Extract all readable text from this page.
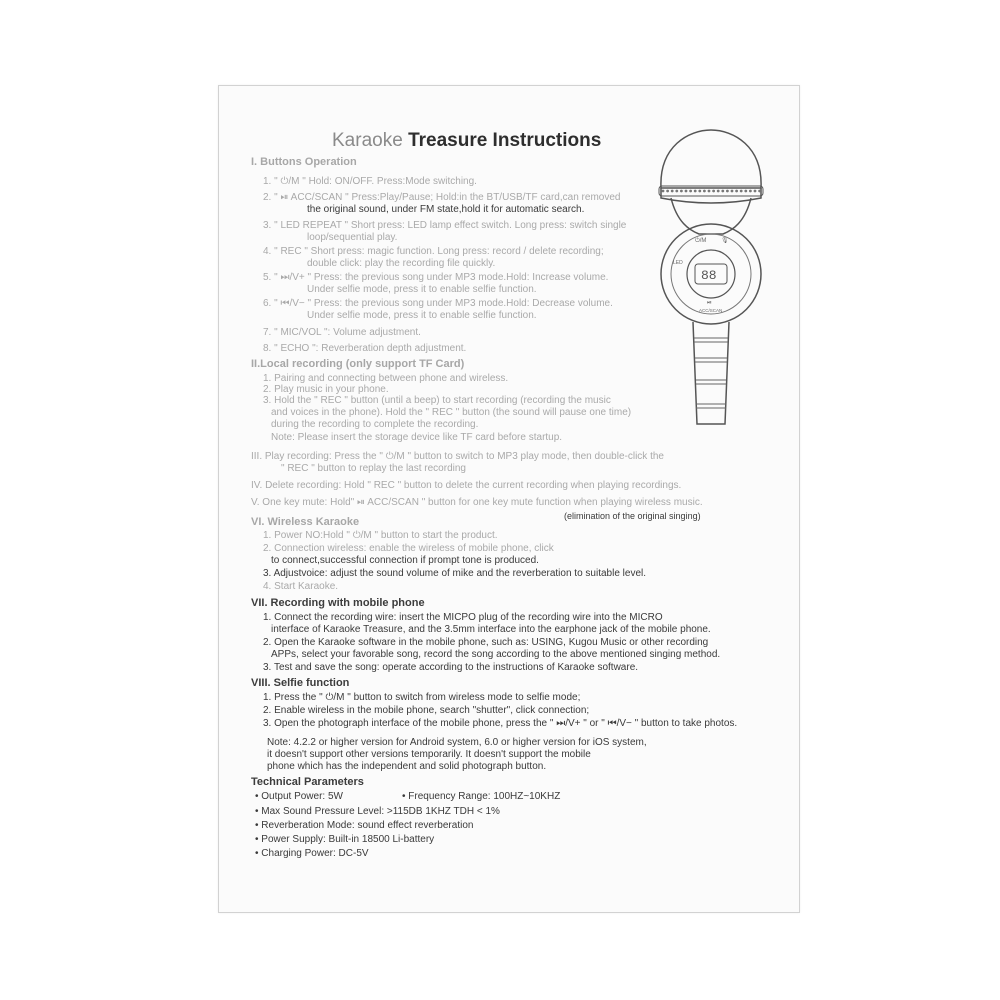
Karaoke Treasure Instructions
I. Buttons Operation
1. " ⏻/M " Hold: ON/OFF. Press:Mode switching.
2. " ⏯ ACC/SCAN " Press:Play/Pause; Hold:in the BT/USB/TF card,can removed
the original sound, under FM state,hold it for automatic search.
3. " LED REPEAT " Short press: LED lamp effect switch. Long press: switch single
loop/sequential play.
4. " REC " Short press: magic function. Long press: record / delete recording;
double click: play the recording file quickly.
5. " ⏭/V+ " Press: the previous song under MP3 mode.Hold: Increase volume.
Under selfie mode, press it to enable selfie function.
6. " ⏮/V− " Press: the previous song under MP3 mode.Hold: Decrease volume.
Under selfie mode, press it to enable selfie function.
7. " MIC/VOL ": Volume adjustment.
8. " ECHO ": Reverberation depth adjustment.
II.Local recording (only support TF Card)
1. Pairing and connecting between phone and wireless.
2. Play music in your phone.
3. Hold the " REC " button (until a beep) to start recording (recording the music
and voices in the phone). Hold the " REC " button (the sound will pause one time)
during the recording to complete the recording.
Note: Please insert the storage device like TF card before startup.
III. Play recording: Press the " ⏻/M " button to switch to MP3 play mode, then double-click the
" REC " button to replay the last recording
IV. Delete recording: Hold " REC " button to delete the current recording when playing recordings.
V. One key mute: Hold" ⏯ ACC/SCAN " button for one key mute function when playing wireless music.
(elimination of the original singing)
VI. Wireless Karaoke
1. Power NO:Hold " ⏻/M " button to start the product.
2. Connection wireless: enable the wireless of mobile phone, click
to connect,successful connection if prompt tone is produced.
3. Adjustvoice: adjust the sound volume of mike and the reverberation to suitable level.
4. Start Karaoke.
VII. Recording with mobile phone
1. Connect the recording wire: insert the MICPO plug of the recording wire into the MICRO
interface of Karaoke Treasure, and the 3.5mm interface into the earphone jack of the mobile phone.
2. Open the Karaoke software in the mobile phone, such as: USING, Kugou Music or other recording
APPs, select your favorable song, record the song according to the above mentioned singing method.
3. Test and save the song: operate according to the instructions of Karaoke software.
VIII. Selfie function
1. Press the " ⏻/M " button to switch from wireless mode to selfie mode;
2. Enable wireless in the mobile phone, search "shutter", click connection;
3. Open the photograph interface of the mobile phone, press the " ⏭/V+ " or " ⏮/V− " button to take photos.
Note: 4.2.2 or higher version for Android system, 6.0 or higher version for iOS system,
it doesn't support other versions temporarily. It doesn't support the mobile
phone which has the independent and solid photograph button.
Technical Parameters
• Output Power: 5W	• Frequency Range: 100HZ~10KHZ
• Max Sound Pressure Level: >115DB 1KHZ TDH < 1%
• Reverberation Mode: sound effect reverberation
• Power Supply: Built-in 18500 Li-battery
• Charging Power: DC-5V
88
⏻/M 🎙
LED
⏯
ACC/SCAN
